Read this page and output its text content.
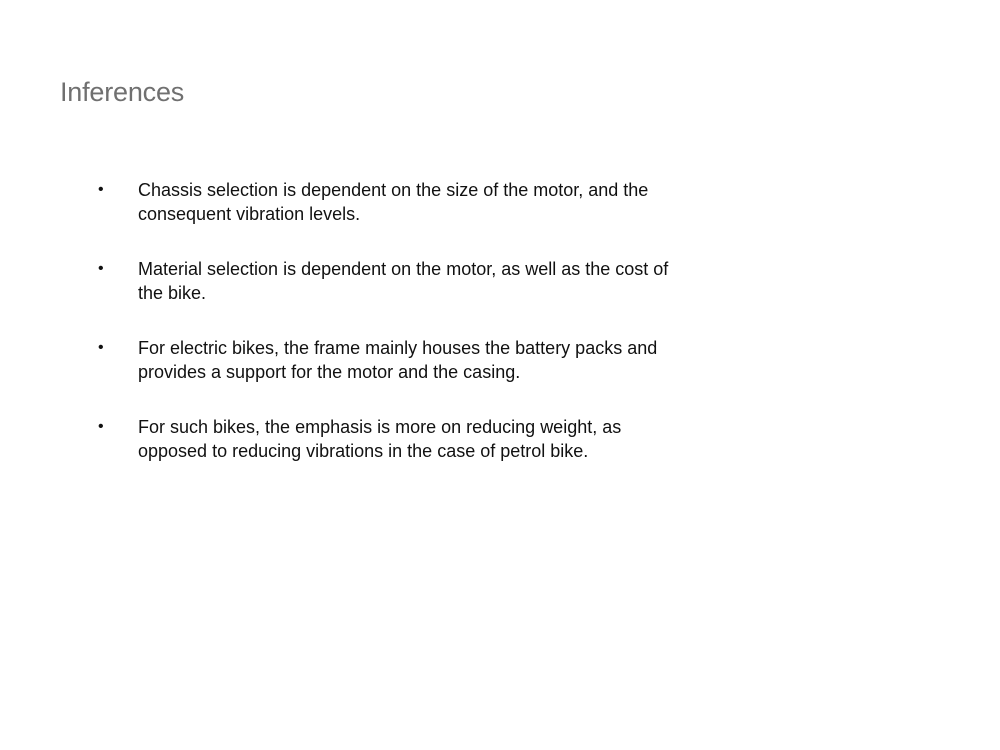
Inferences
•	Chassis selection is dependent on the size of the motor, and the consequent vibration levels.
•	Material selection is dependent on the motor, as well as the cost of the bike.
•	For electric bikes, the frame mainly houses the battery packs and provides a support for the motor and the casing.
•	For such bikes, the emphasis is more on reducing weight, as opposed to reducing vibrations in the case of petrol bike.
